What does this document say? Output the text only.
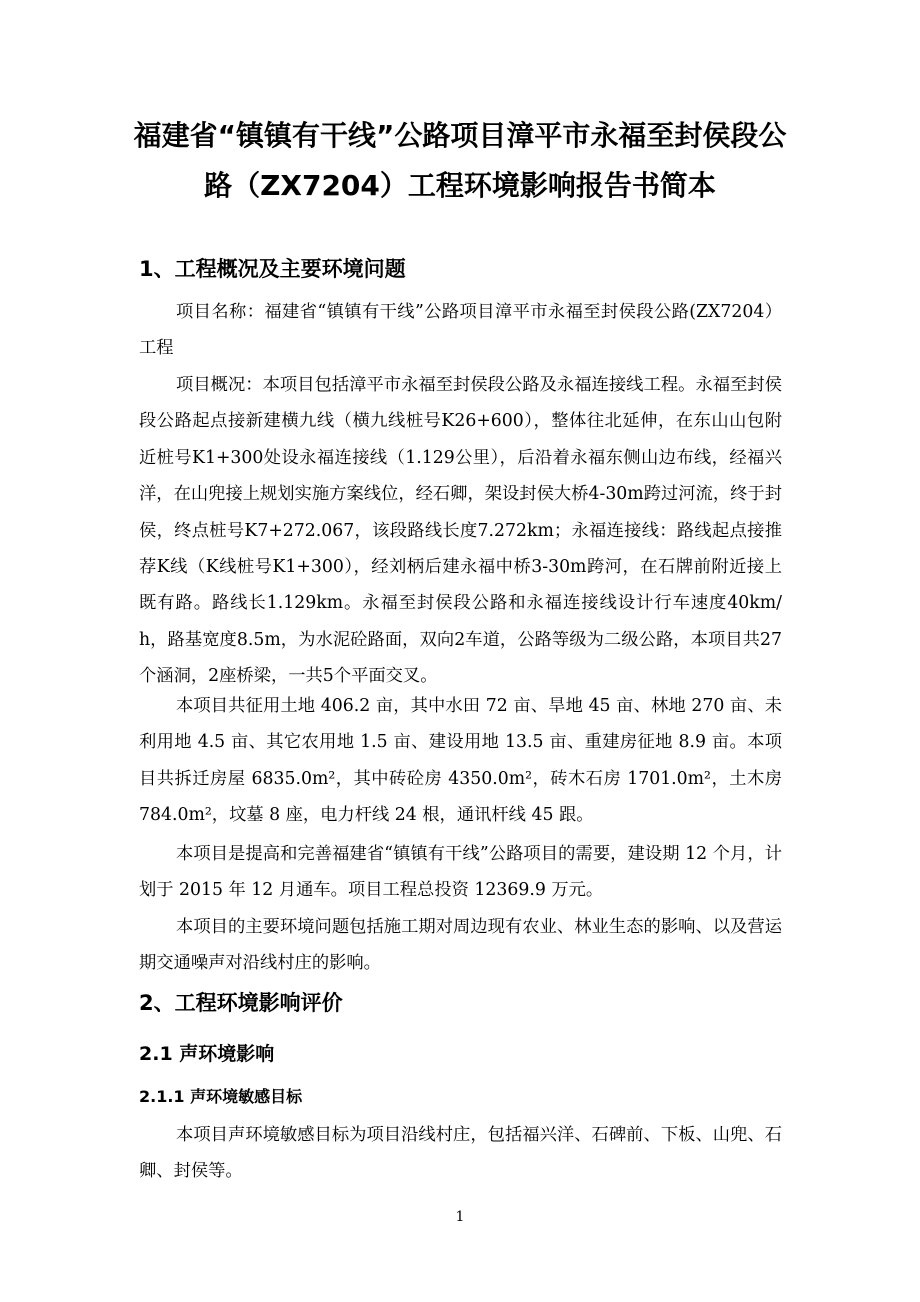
福建省“镇镇有干线”公路项目漳平市永福至封侯段公
路（ZX7204）工程环境影响报告书简本
1、工程概况及主要环境问题

项目名称：福建省“镇镇有干线”公路项目漳平市永福至封侯段公路(ZX7204）工程

项目概况：本项目包括漳平市永福至封侯段公路及永福连接线工程。永福至封侯段公路起点接新建横九线（横九线桩号K26+600），整体往北延伸，在东山山包附近桩号K1+300处设永福连接线（1.129公里），后沿着永福东侧山边布线，经福兴洋，在山兜接上规划实施方案线位，经石卿，架设封侯大桥4-30m跨过河流，终于封侯，终点桩号K7+272.067，该段路线长度7.272km；永福连接线：路线起点接推荐K线（K线桩号K1+300），经刘柄后建永福中桥3-30m跨河，在石牌前附近接上既有路。路线长1.129km。永福至封侯段公路和永福连接线设计行车速度40km/h，路基宽度8.5m，为水泥砼路面，双向2车道，公路等级为二级公路，本项目共27个涵洞，2座桥梁，一共5个平面交叉。

本项目共征用土地 406.2 亩，其中水田 72 亩、旱地 45 亩、林地 270 亩、未利用地 4.5 亩、其它农用地 1.5 亩、建设用地 13.5 亩、重建房征地 8.9 亩。本项目共拆迁房屋 6835.0m²，其中砖砼房 4350.0m²，砖木石房 1701.0m²，土木房 784.0m²，坟墓 8 座，电力杆线 24 根，通讯杆线 45 跟。

本项目是提高和完善福建省“镇镇有干线”公路项目的需要，建设期 12 个月，计划于 2015 年 12 月通车。项目工程总投资 12369.9 万元。

本项目的主要环境问题包括施工期对周边现有农业、林业生态的影响、以及营运期交通噪声对沿线村庄的影响。

2、工程环境影响评价
2.1 声环境影响
2.1.1 声环境敏感目标

本项目声环境敏感目标为项目沿线村庄，包括福兴洋、石碑前、下板、山兜、石卿、封侯等。

1
